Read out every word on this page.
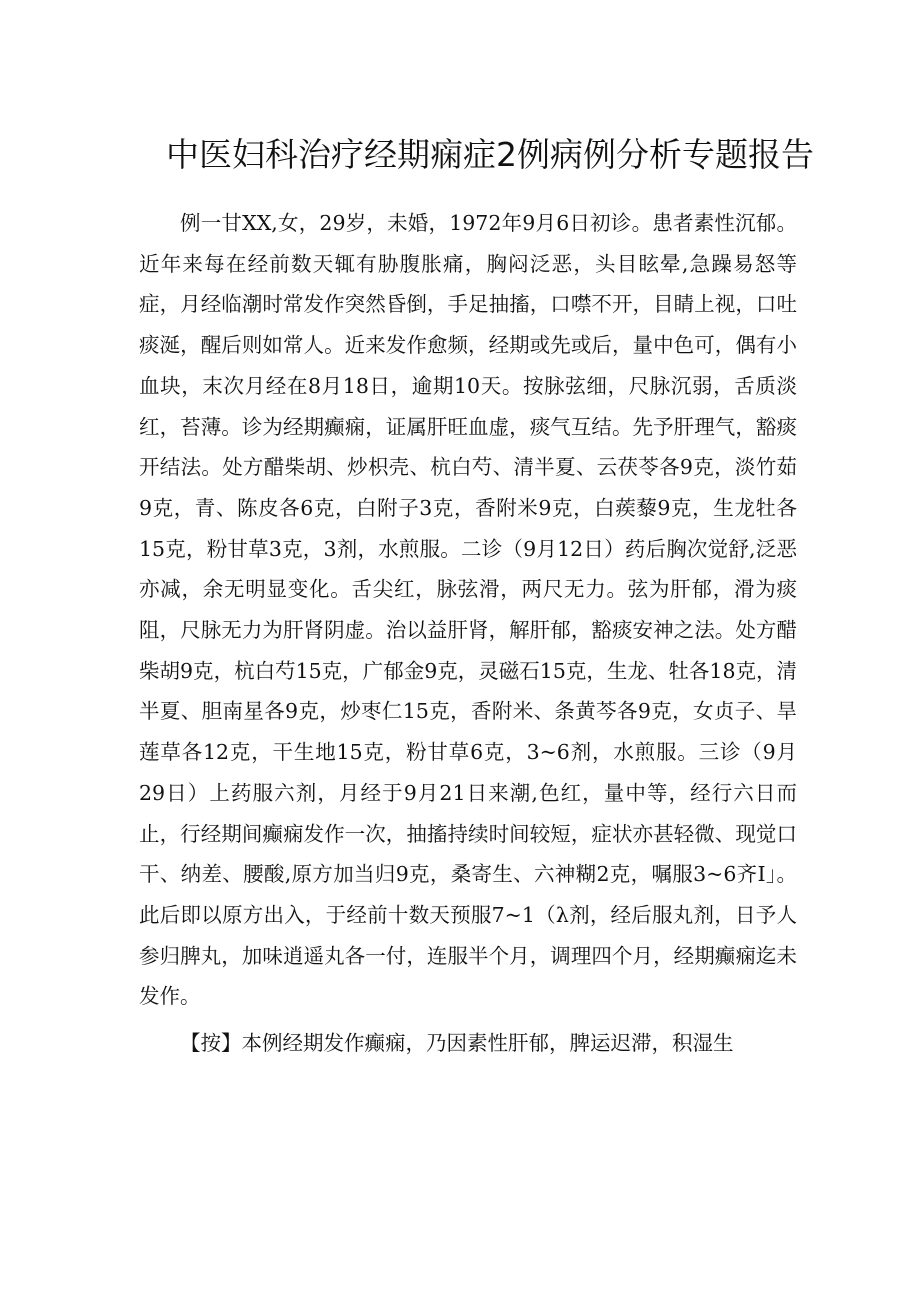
中医妇科治疗经期痫症2例病例分析专题报告

例一甘XX,女，29岁，未婚，1972年9月6日初诊。患者素性沉郁。近年来每在经前数天辄有胁腹胀痛，胸闷泛恶，头目眩晕,急躁易怒等症，月经临潮时常发作突然昏倒，手足抽搐，口噤不开，目睛上视，口吐痰涎，醒后则如常人。近来发作愈频，经期或先或后，量中色可，偶有小血块，末次月经在8月18日，逾期10天。按脉弦细，尺脉沉弱，舌质淡红，苔薄。诊为经期癫痫，证属肝旺血虚，痰气互结。先予肝理气，豁痰开结法。处方醋柴胡、炒枳壳、杭白芍、清半夏、云茯苓各9克，淡竹茹9克，青、陈皮各6克，白附子3克，香附米9克，白蒺藜9克，生龙牡各15克，粉甘草3克，3剂，水煎服。二诊（9月12日）药后胸次觉舒,泛恶亦减，余无明显变化。舌尖红，脉弦滑，两尺无力。弦为肝郁，滑为痰阻，尺脉无力为肝肾阴虚。治以益肝肾，解肝郁，豁痰安神之法。处方醋柴胡9克，杭白芍15克，广郁金9克，灵磁石15克，生龙、牡各18克，清半夏、胆南星各9克，炒枣仁15克，香附米、条黄芩各9克，女贞子、旱莲草各12克，干生地15克，粉甘草6克，3~6剂，水煎服。三诊（9月29日）上药服六剂，月经于9月21日来潮,色红，量中等，经行六日而止，行经期间癫痫发作一次，抽搐持续时间较短，症状亦甚轻微、现觉口干、纳差、腰酸,原方加当归9克，桑寄生、六神糊2克，嘱服3~6齐I」。此后即以原方出入，于经前十数天预服7~1（λ剂，经后服丸剂，日予人参归脾丸，加味逍遥丸各一付，连服半个月，调理四个月，经期癫痫迄未发作。

【按】本例经期发作癫痫，乃因素性肝郁，脾运迟滞，积湿生
